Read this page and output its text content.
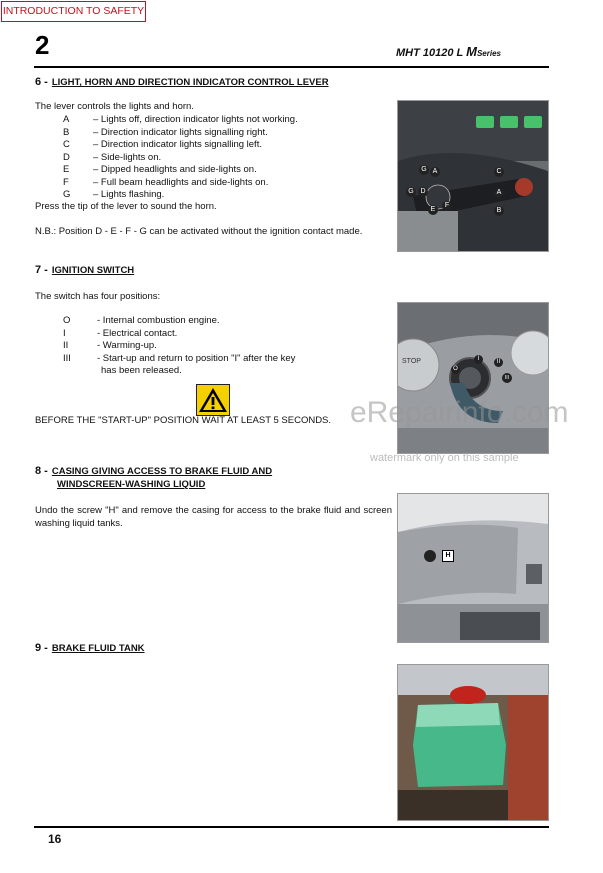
INTRODUCTION TO SAFETY
2	MHT 10120 L MSeries
6 - LIGHT, HORN AND DIRECTION INDICATOR CONTROL LEVER
The lever controls the lights and horn.
A – Lights off, direction indicator lights not working.
B – Direction indicator lights signalling right.
C – Direction indicator lights signalling left.
D – Side-lights on.
E – Dipped headlights and side-lights on.
F	– Full beam headlights and side-lights on.
G – Lights flashing.
Press the tip of the lever to sound the horn.
N.B.: Position D - E - F - G can be activated without the ignition contact made.
G A	C
G D
E
F
A
B
7 - IGNITION SWITCH
The switch has four positions:
O	- Internal combustion engine.
I	- Electrical contact.
II	- Warming-up.
III	- Start-up and return to position "I" after the key
has been released.
BEFORE THE "START-UP" POSITION WAIT AT LEAST 5 SECONDS.
STOP
O
I	II
III
eRepairinfo.com
watermark only on this sample
8 - CASING GIVING ACCESS TO BRAKE FLUID AND
WINDSCREEN-WASHING LIQUID
Undo the screw "H" and remove the casing for access to the brake fluid and screen washing liquid tanks.
H
9 - BRAKE FLUID TANK
16
